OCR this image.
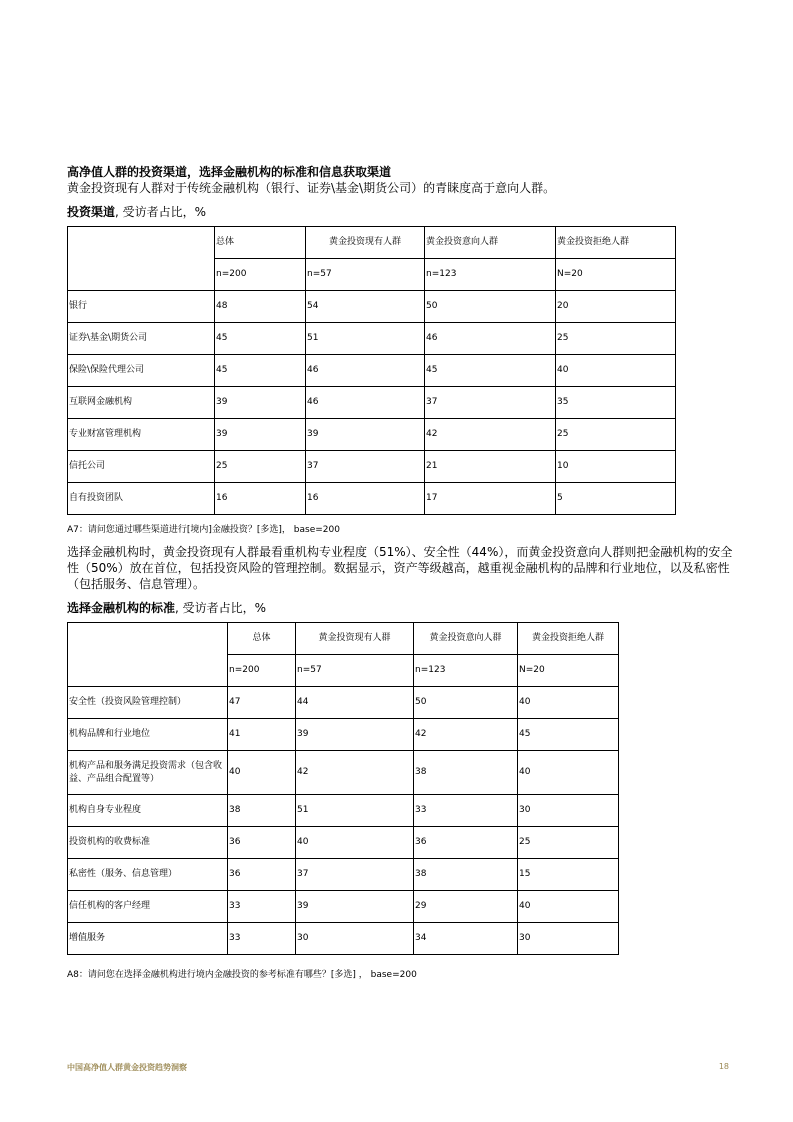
高净值人群的投资渠道，选择金融机构的标准和信息获取渠道
黄金投资现有人群对于传统金融机构（银行、证券\基金\期货公司）的青睐度高于意向人群。
投资渠道, 受访者占比，%
	总体	黄金投资现有人群	黄金投资意向人群	黄金投资拒绝人群
	n=200	n=57	n=123	N=20
银行	48	54	50	20
证券\基金\期货公司	45	51	46	25
保险\保险代理公司	45	46	45	40
互联网金融机构	39	46	37	35
专业财富管理机构	39	39	42	25
信托公司	25	37	21	10
自有投资团队	16	16	17	5
A7：请问您通过哪些渠道进行[境内]金融投资？[多选]， base=200
选择金融机构时，黄金投资现有人群最看重机构专业程度（51%）、安全性（44%），而黄金投资意向人群则把金融机构的安全性（50%）放在首位，包括投资风险的管理控制。数据显示，资产等级越高，越重视金融机构的品牌和行业地位，以及私密性（包括服务、信息管理）。
选择金融机构的标准, 受访者占比，%
	总体	黄金投资现有人群	黄金投资意向人群	黄金投资拒绝人群
	n=200	n=57	n=123	N=20
安全性（投资风险管理控制）	47	44	50	40
机构品牌和行业地位	41	39	42	45
机构产品和服务满足投资需求（包含收益、产品组合配置等）	40	42	38	40
机构自身专业程度	38	51	33	30
投资机构的收费标准	36	40	36	25
私密性（服务、信息管理）	36	37	38	15
信任机构的客户经理	33	39	29	40
增值服务	33	30	34	30
A8：请问您在选择金融机构进行境内金融投资的参考标准有哪些？[多选] ， base=200
中国高净值人群黄金投资趋势洞察	18
